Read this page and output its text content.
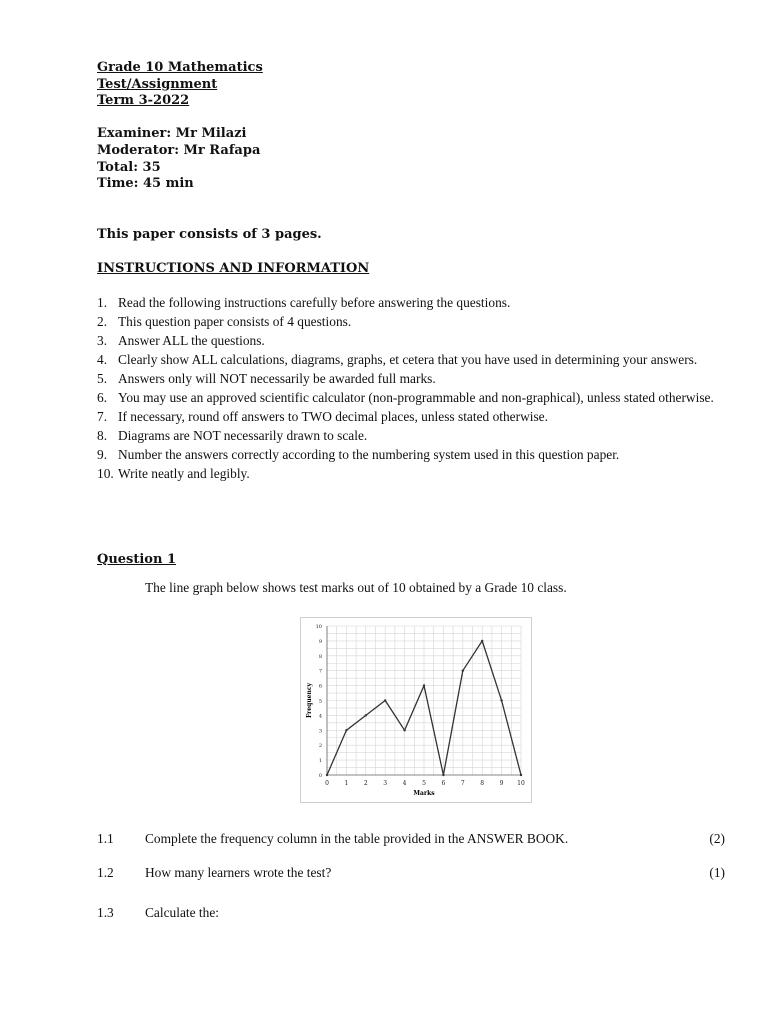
Grade 10 Mathematics
Test/Assignment
Term 3-2022
Examiner: Mr Milazi
Moderator: Mr Rafapa
Total: 35
Time: 45 min
This paper consists of 3 pages.
INSTRUCTIONS AND INFORMATION
1. Read the following instructions carefully before answering the questions.
2. This question paper consists of 4 questions.
3. Answer ALL the questions.
4. Clearly show ALL calculations, diagrams, graphs, et cetera that you have used in determining your answers.
5. Answers only will NOT necessarily be awarded full marks.
6. You may use an approved scientific calculator (non-programmable and non-graphical), unless stated otherwise.
7. If necessary, round off answers to TWO decimal places, unless stated otherwise.
8. Diagrams are NOT necessarily drawn to scale.
9. Number the answers correctly according to the numbering system used in this question paper.
10. Write neatly and legibly.
Question 1
The line graph below shows test marks out of 10 obtained by a Grade 10 class.
0	1	2	3	4	5	6	7	8	9 10
0
1
2
3
4
5
6
7
8
9
10
Marks
Frequency
1.1 Complete the frequency column in the table provided in the ANSWER BOOK.	(2)
1.2 How many learners wrote the test?	(1)
1.3 Calculate the:
